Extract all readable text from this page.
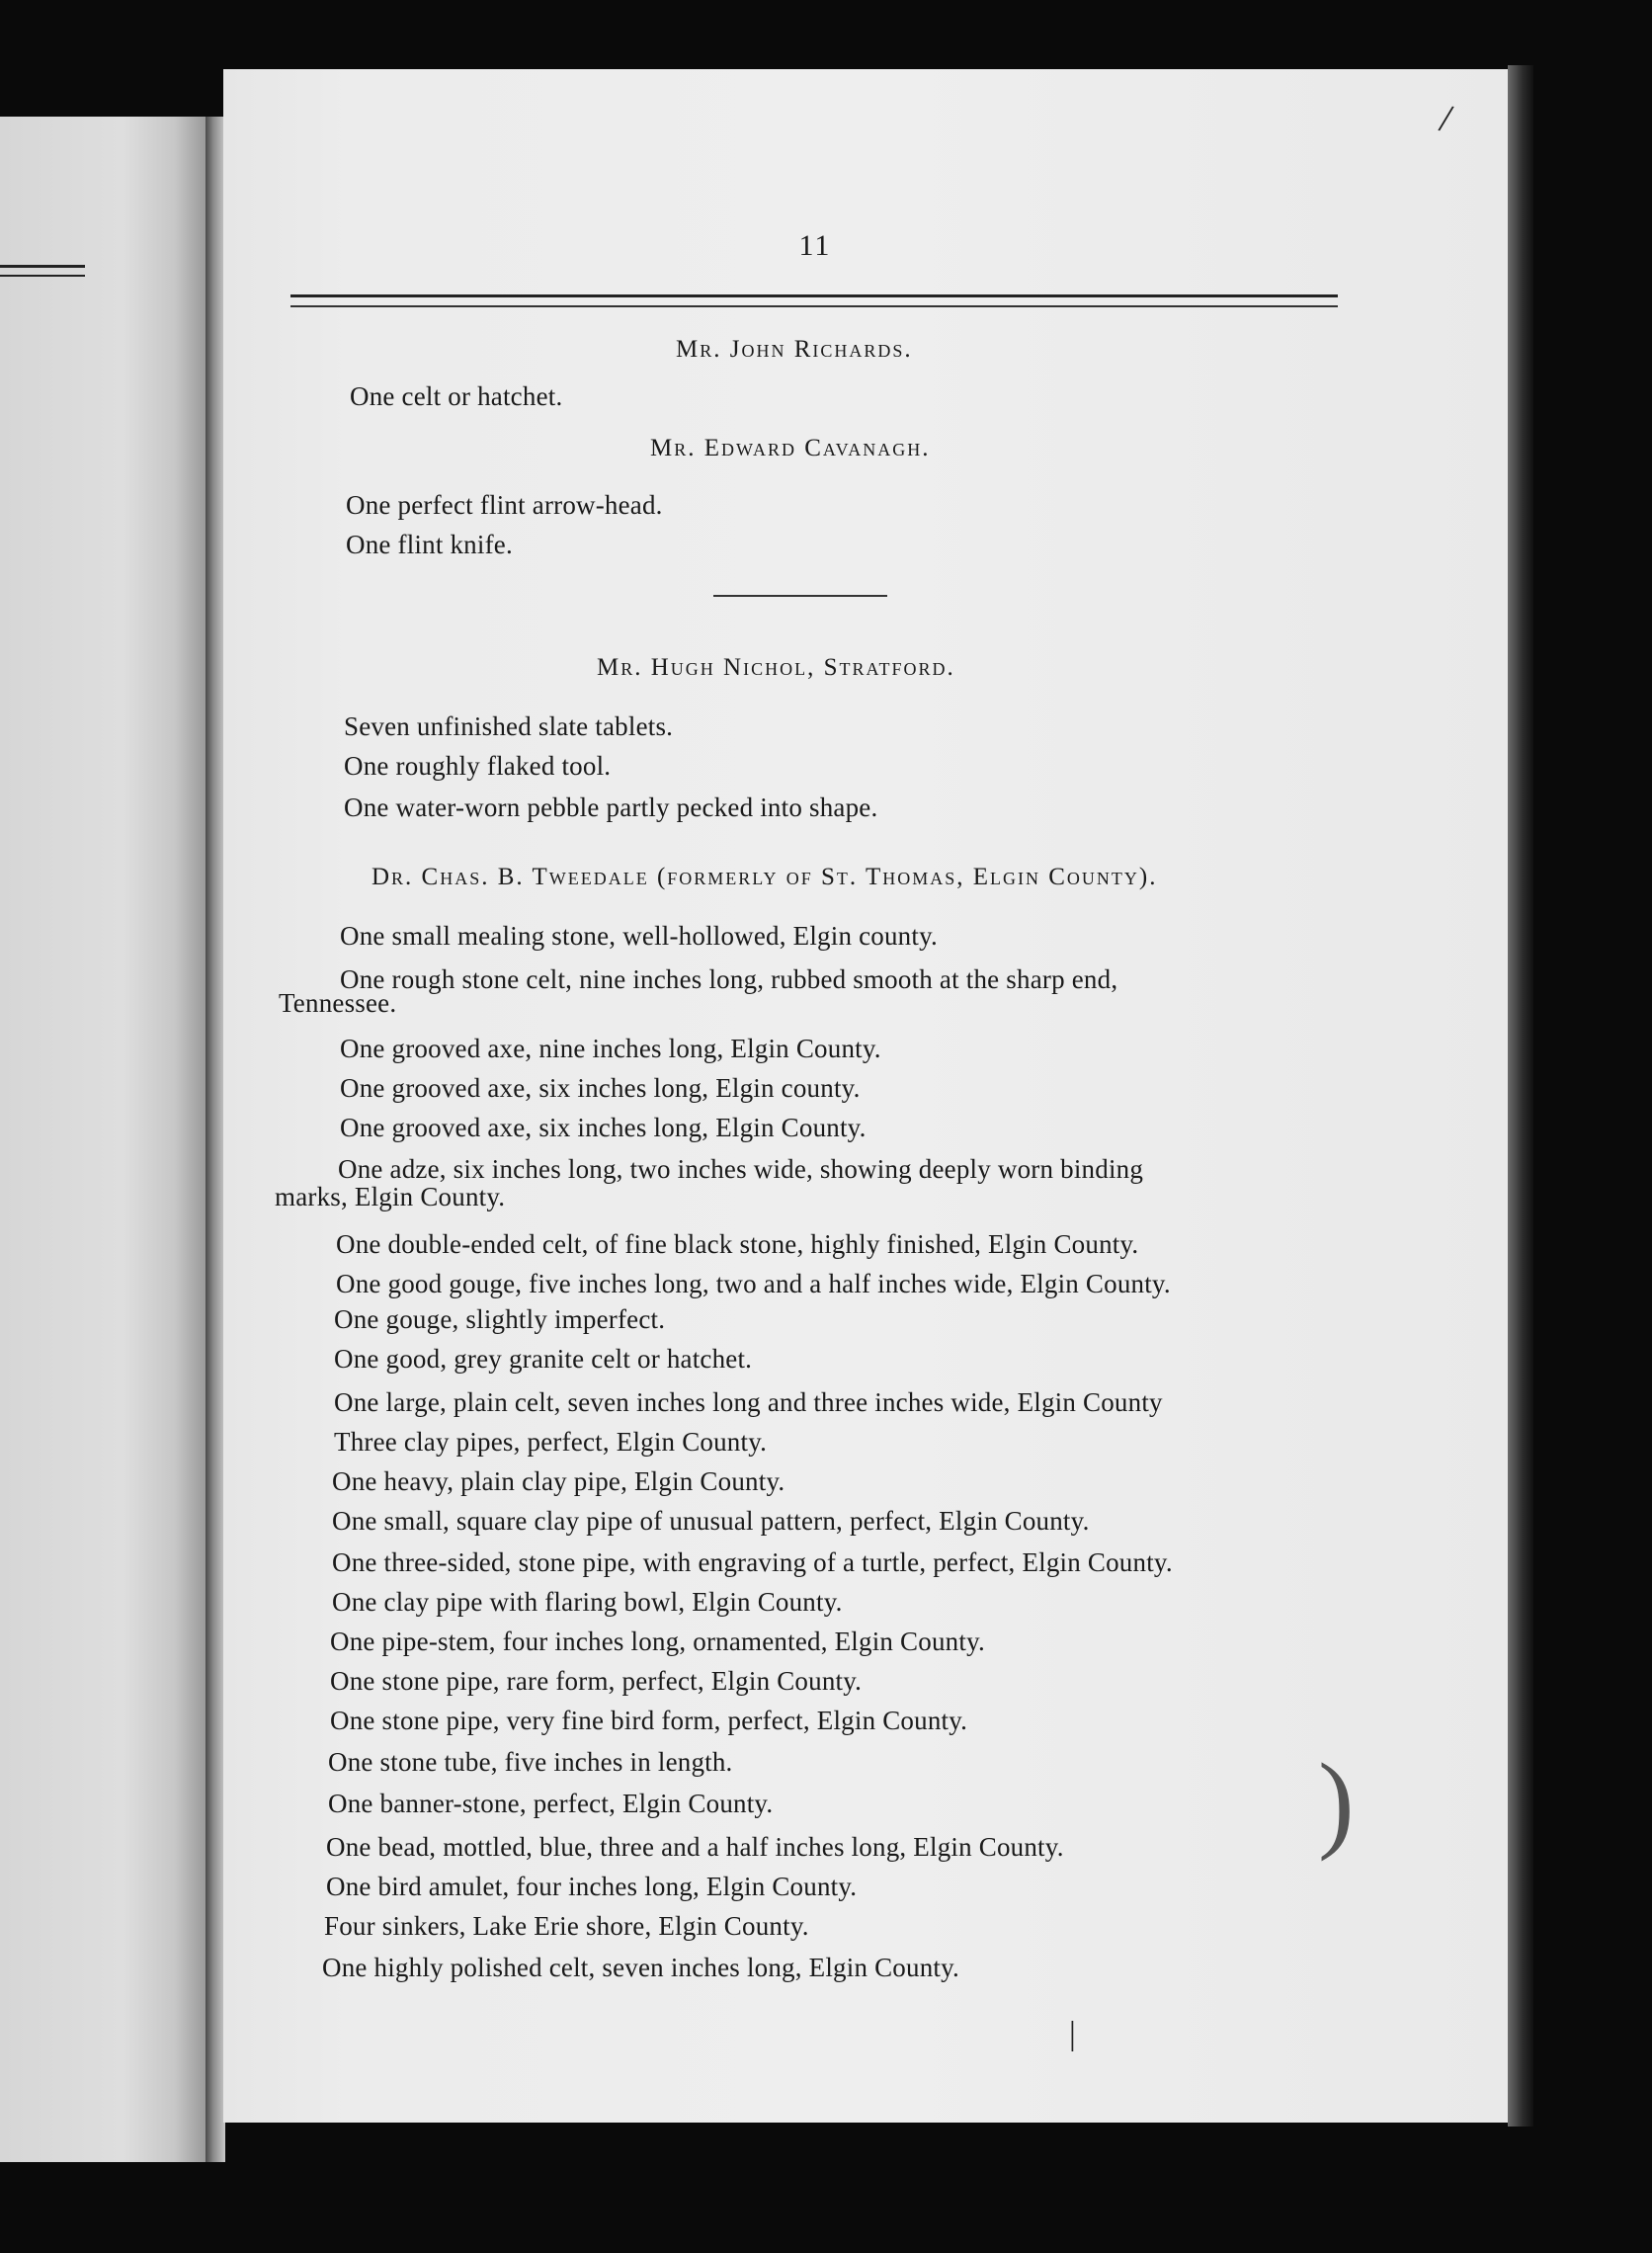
/
11
Mr. John Richards.
One celt or hatchet.
Mr. Edward Cavanagh.
One perfect flint arrow-head.
One flint knife.
Mr. Hugh Nichol, Stratford.
Seven unfinished slate tablets.
One roughly flaked tool.
One water-worn pebble partly pecked into shape.
Dr. Chas. B. Tweedale (formerly of St. Thomas, Elgin County).
One small mealing stone, well-hollowed, Elgin county.
One rough stone celt, nine inches long, rubbed smooth at the sharp end,
Tennessee.
One grooved axe, nine inches long, Elgin County.
One grooved axe, six inches long, Elgin county.
One grooved axe, six inches long, Elgin County.
One adze, six inches long, two inches wide, showing deeply worn binding
marks, Elgin County.
One double-ended celt, of fine black stone, highly finished, Elgin County.
One good gouge, five inches long, two and a half inches wide, Elgin County.
One gouge, slightly imperfect.
One good, grey granite celt or hatchet.
One large, plain celt, seven inches long and three inches wide, Elgin County
Three clay pipes, perfect, Elgin County.
One heavy, plain clay pipe, Elgin County.
One small, square clay pipe of unusual pattern, perfect, Elgin County.
One three-sided, stone pipe, with engraving of a turtle, perfect, Elgin County.
One clay pipe with flaring bowl, Elgin County.
One pipe-stem, four inches long, ornamented, Elgin County.
One stone pipe, rare form, perfect, Elgin County.
One stone pipe, very fine bird form, perfect, Elgin County.
One stone tube, five inches in length.
One banner-stone, perfect, Elgin County.
One bead, mottled, blue, three and a half inches long, Elgin County.
One bird amulet, four inches long, Elgin County.
Four sinkers, Lake Erie shore, Elgin County.
One highly polished celt, seven inches long, Elgin County.
)
|
